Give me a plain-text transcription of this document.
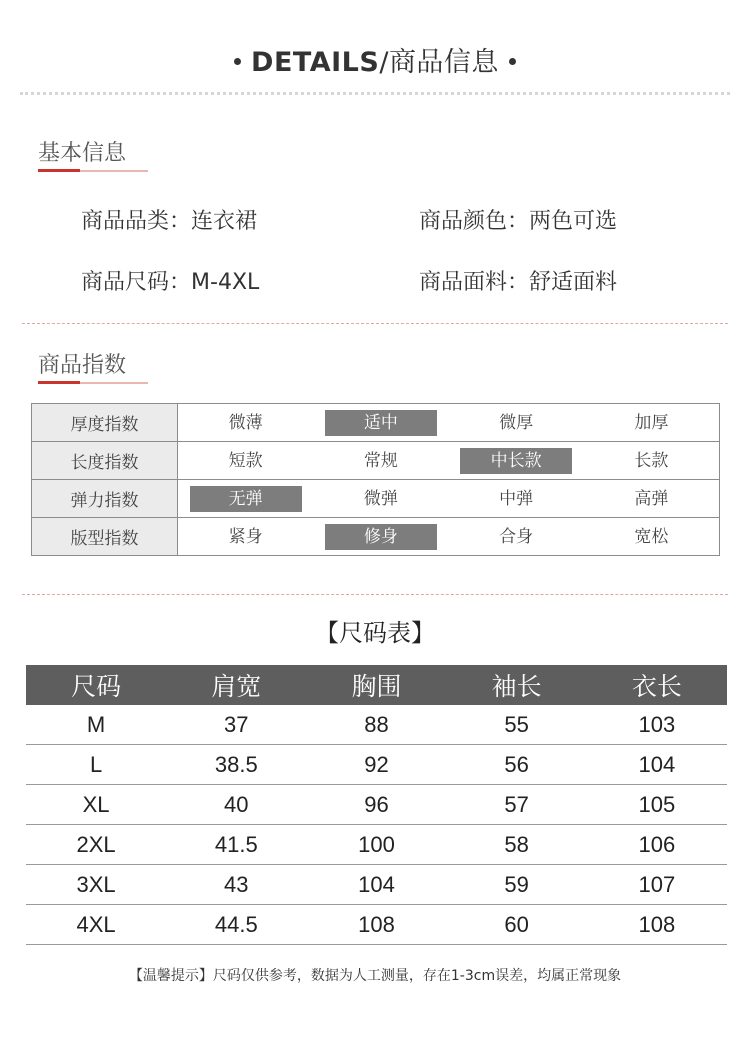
DETAILS/商品信息
基本信息
商品品类：连衣裙	商品颜色：两色可选
商品尺码：M-4XL	商品面料：舒适面料
商品指数
厚度指数	微薄 适中 微厚 加厚

长度指数	短款 常规 中长款 长款

弹力指数	无弹 微弹 中弹 高弹

版型指数	紧身 修身 合身 宽松
【尺码表】
尺码	肩宽	胸围	袖长	衣长
M	37	88	55	103
L	38.5	92	56	104
XL	40	96	57	105
2XL	41.5	100	58	106
3XL	43	104	59	107
4XL	44.5	108	60	108
【温馨提示】尺码仅供参考，数据为人工测量，存在1-3cm误差，均属正常现象
